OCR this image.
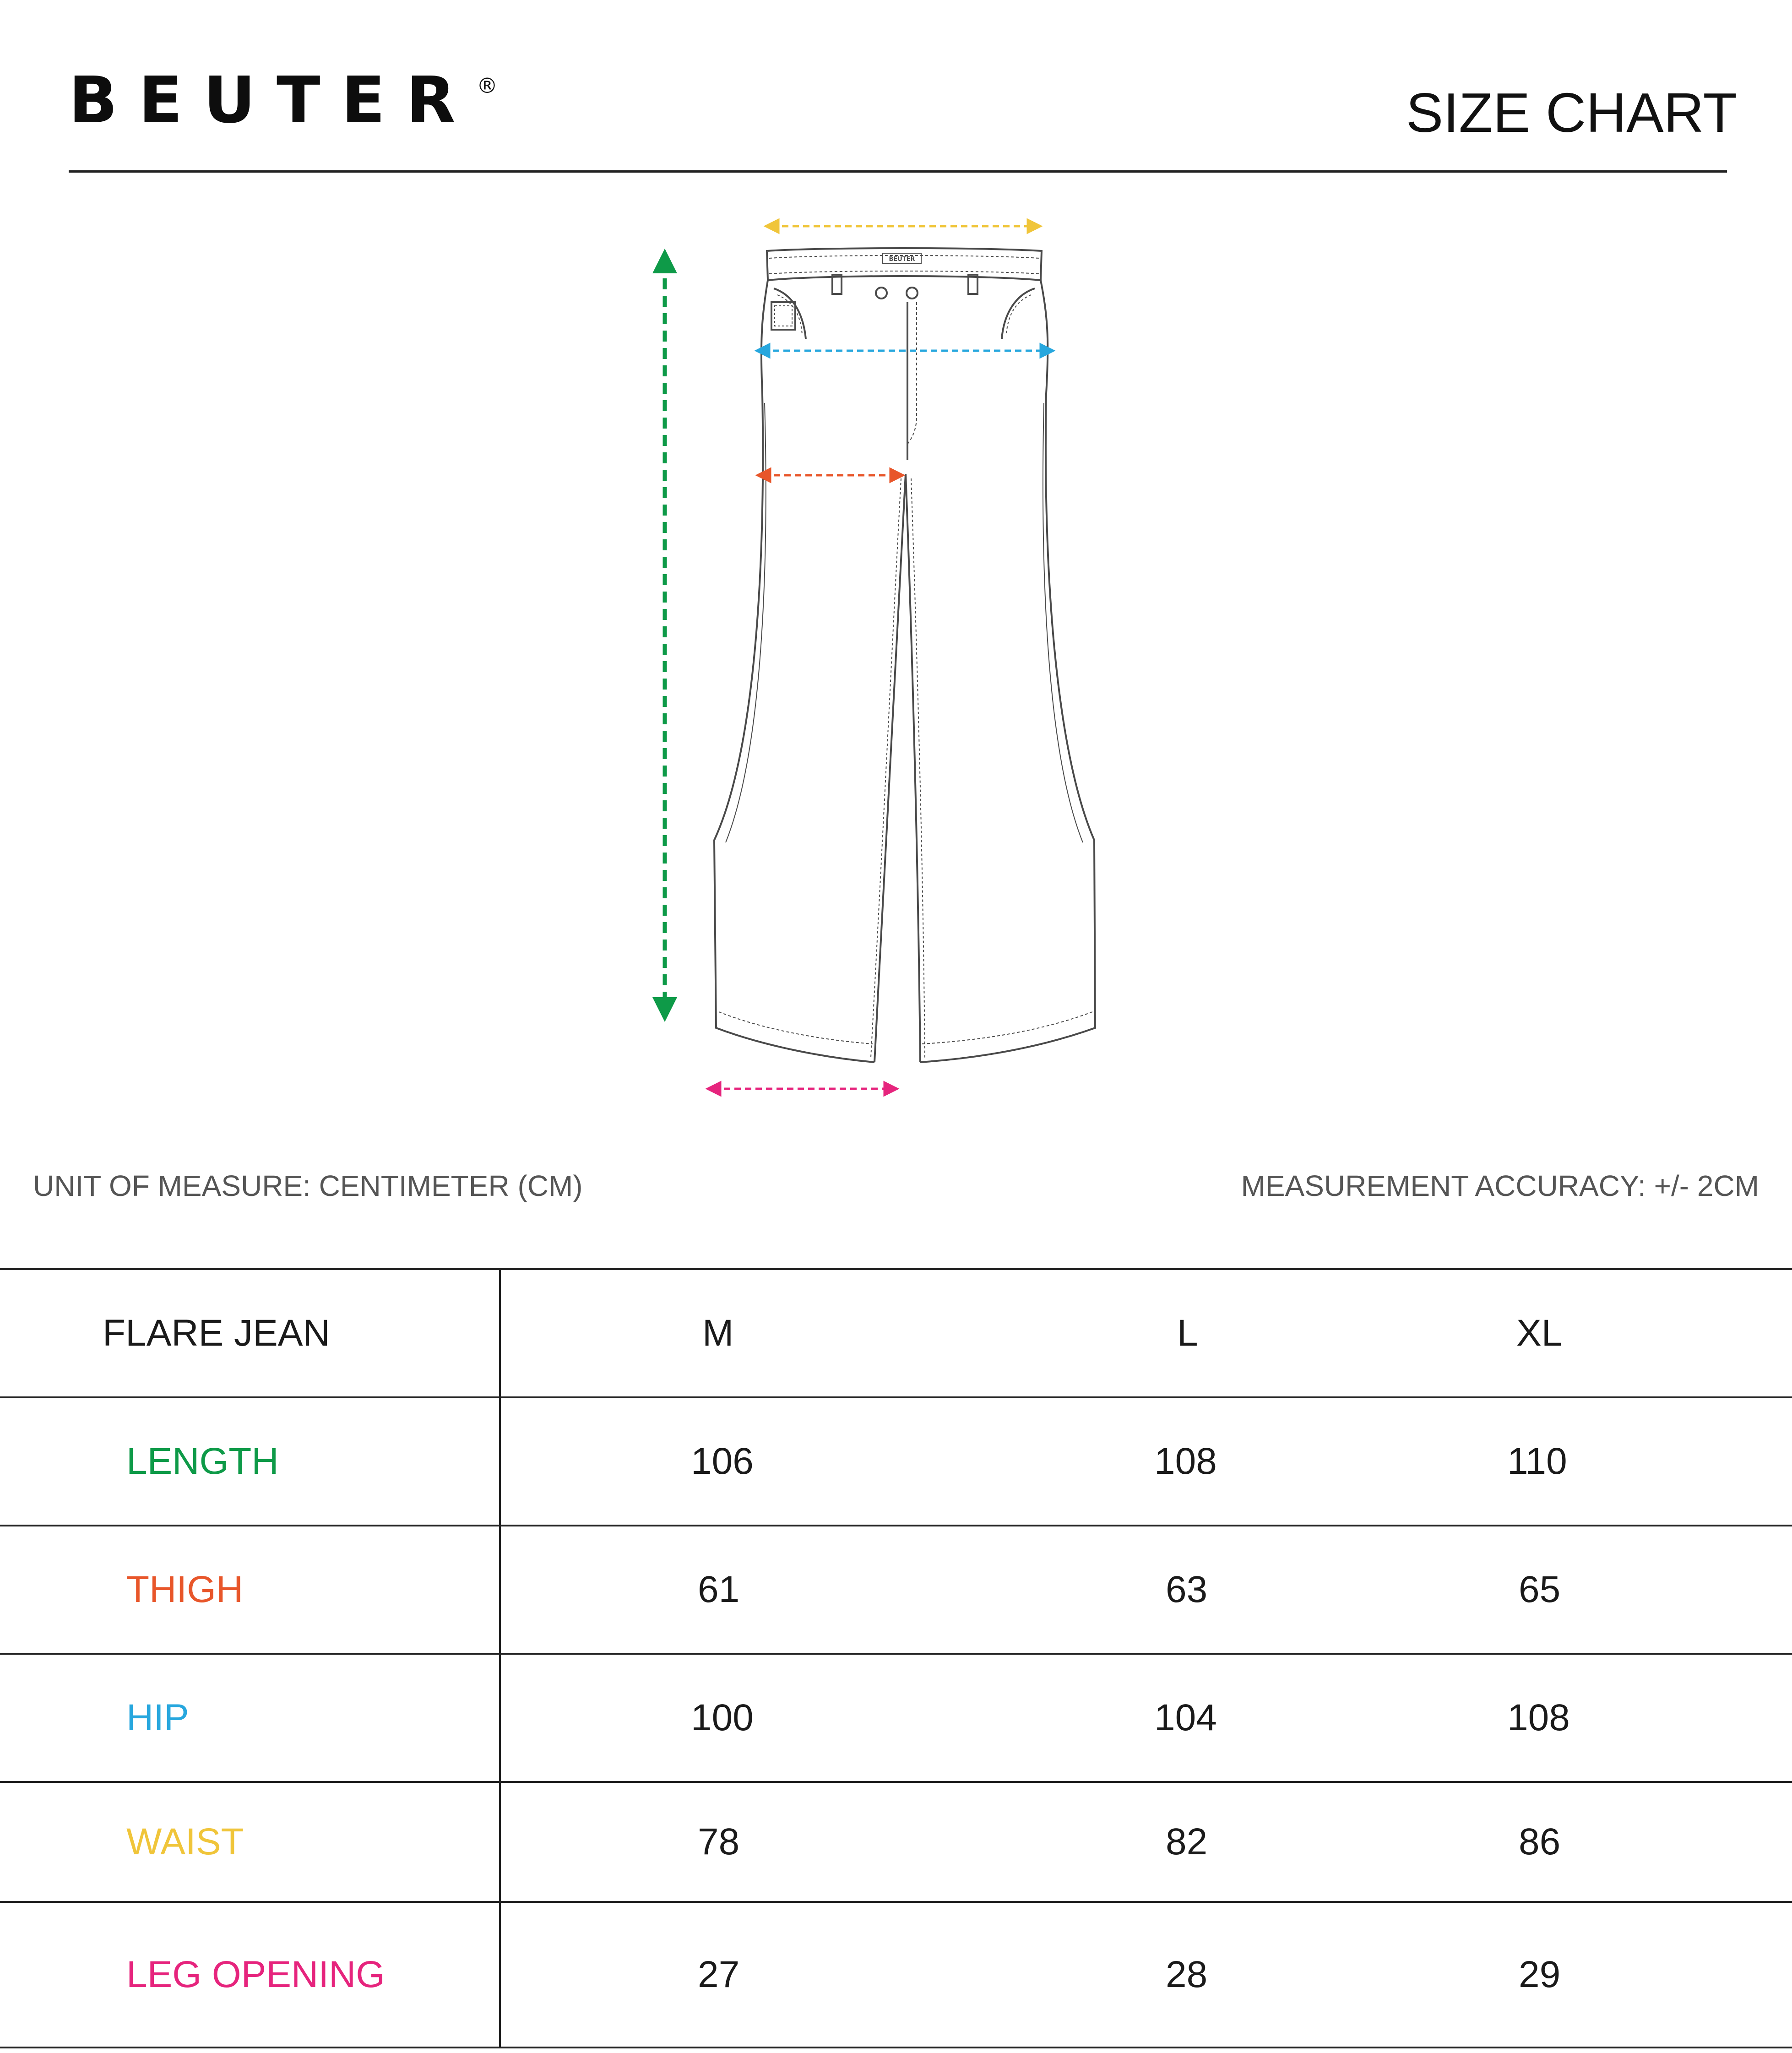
BEUTER®	SIZE CHART
BEUTER
UNIT OF MEASURE: CENTIMETER (CM)	MEASUREMENT ACCURACY: +/- 2CM
FLARE JEAN	M	L	XL
LENGTH	106	108	110
THIGH	61	63	65
HIP	100	104	108
WAIST	78	82	86
LEG OPENING	27	28	29
